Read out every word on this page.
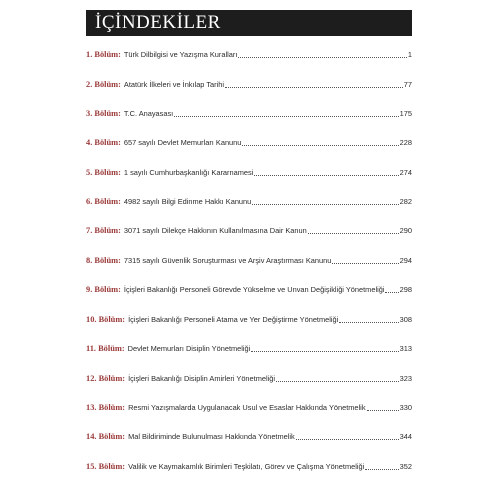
İÇİNDEKİLER
1. Bölüm: Türk Dilbilgisi ve Yazışma Kuralları	1
2. Bölüm: Atatürk İlkeleri ve İnkılap Tarihi	77
3. Bölüm: T.C. Anayasası	175
4. Bölüm: 657 sayılı Devlet Memurları Kanunu	228
5. Bölüm: 1 sayılı Cumhurbaşkanlığı Kararnamesi	274
6. Bölüm: 4982 sayılı Bilgi Edinme Hakkı Kanunu	282
7. Bölüm: 3071 sayılı Dilekçe Hakkının Kullanılmasına Dair Kanun	290
8. Bölüm: 7315 sayılı Güvenlik Soruşturması ve Arşiv Araştırması Kanunu	294
9. Bölüm: İçişleri Bakanlığı Personeli Görevde Yükselme ve Unvan Değişikliği Yönetmeliği 298
10. Bölüm: İçişleri Bakanlığı Personeli Atama ve Yer Değiştirme Yönetmeliği	308
11. Bölüm: Devlet Memurları Disiplin Yönetmeliği	313
12. Bölüm: İçişleri Bakanlığı Disiplin Amirleri Yönetmeliği	323
13. Bölüm: Resmi Yazışmalarda Uygulanacak Usul ve Esaslar Hakkında Yönetmelik	330
14. Bölüm: Mal Bildiriminde Bulunulması Hakkında Yönetmelik	344
15. Bölüm: Valilik ve Kaymakamlık Birimleri Teşkilatı, Görev ve Çalışma Yönetmeliği	352
